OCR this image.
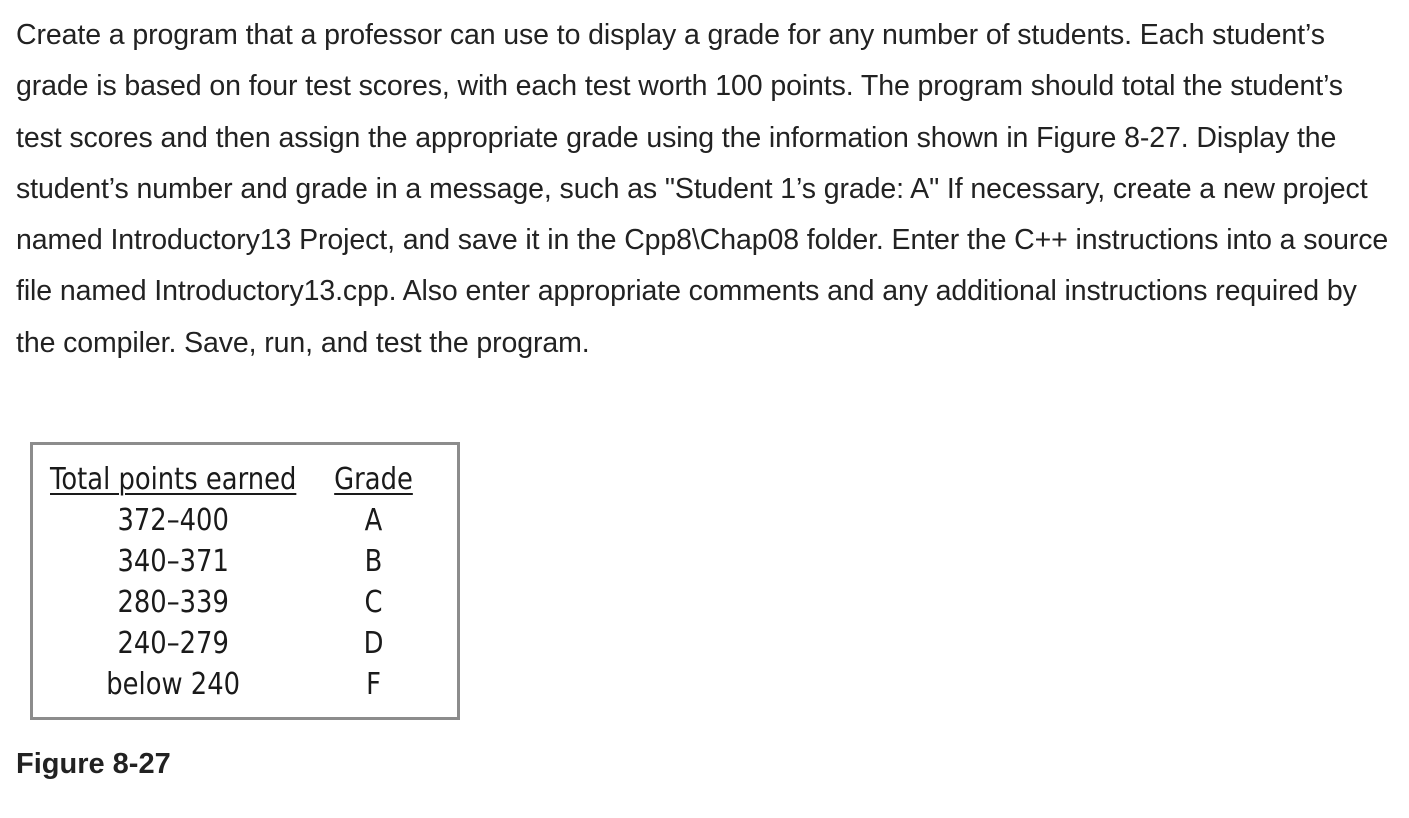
Create a program that a professor can use to display a grade for any number of students. Each student’s grade is based on four test scores, with each test worth 100 points. The program should total the student’s test scores and then assign the appropriate grade using the information shown in Figure 8-27. Display the student’s number and grade in a message, such as "Student 1’s grade: A" If necessary, create a new project named Introductory13 Project, and save it in the Cpp8\Chap08 folder. Enter the C++ instructions into a source file named Introductory13.cpp. Also enter appropriate comments and any additional instructions required by the compiler. Save, run, and test the program.

Total points earned	Grade
372–400	A
340–371	B
280–339	C
240–279	D
below 240	F

Figure 8-27
